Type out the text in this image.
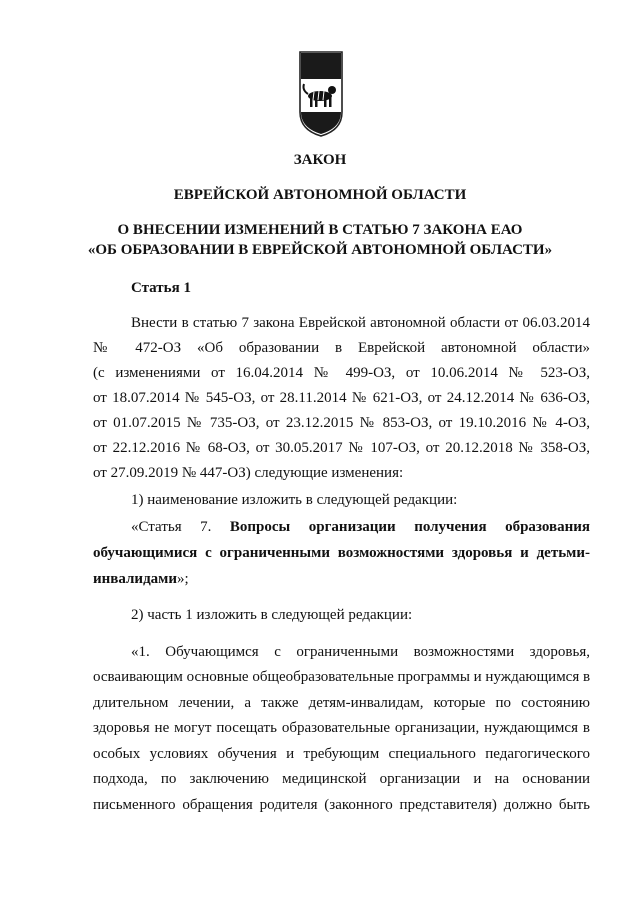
ЗАКОН
ЕВРЕЙСКОЙ АВТОНОМНОЙ ОБЛАСТИ
О ВНЕСЕНИИ ИЗМЕНЕНИЙ В СТАТЬЮ 7 ЗАКОНА ЕАО
«ОБ ОБРАЗОВАНИИ В ЕВРЕЙСКОЙ АВТОНОМНОЙ ОБЛАСТИ»
Статья 1
Внести в статью 7 закона Еврейской автономной области от 06.03.2014
№ 472-ОЗ «Об образовании в Еврейской автономной области»
(с изменениями от 16.04.2014 № 499-ОЗ, от 10.06.2014 № 523-ОЗ,
от 18.07.2014 № 545-ОЗ, от 28.11.2014 № 621-ОЗ, от 24.12.2014 № 636-ОЗ,
от 01.07.2015 № 735-ОЗ, от 23.12.2015 № 853-ОЗ, от 19.10.2016 № 4-ОЗ,
от 22.12.2016 № 68-ОЗ, от 30.05.2017 № 107-ОЗ, от 20.12.2018 № 358-ОЗ,
от 27.09.2019 № 447-ОЗ) следующие изменения:
1) наименование изложить в следующей редакции:
«Статья 7. Вопросы организации получения образования
обучающимися с ограниченными возможностями здоровья и детьми-
инвалидами»;
2) часть 1 изложить в следующей редакции:
«1. Обучающимся с ограниченными возможностями здоровья,
осваивающим основные общеобразовательные программы и нуждающимся в
длительном лечении, а также детям-инвалидам, которые по состоянию
здоровья не могут посещать образовательные организации, нуждающимся в
особых условиях обучения и требующим специального педагогического
подхода, по заключению медицинской организации и на основании
письменного обращения родителя (законного представителя) должно быть
